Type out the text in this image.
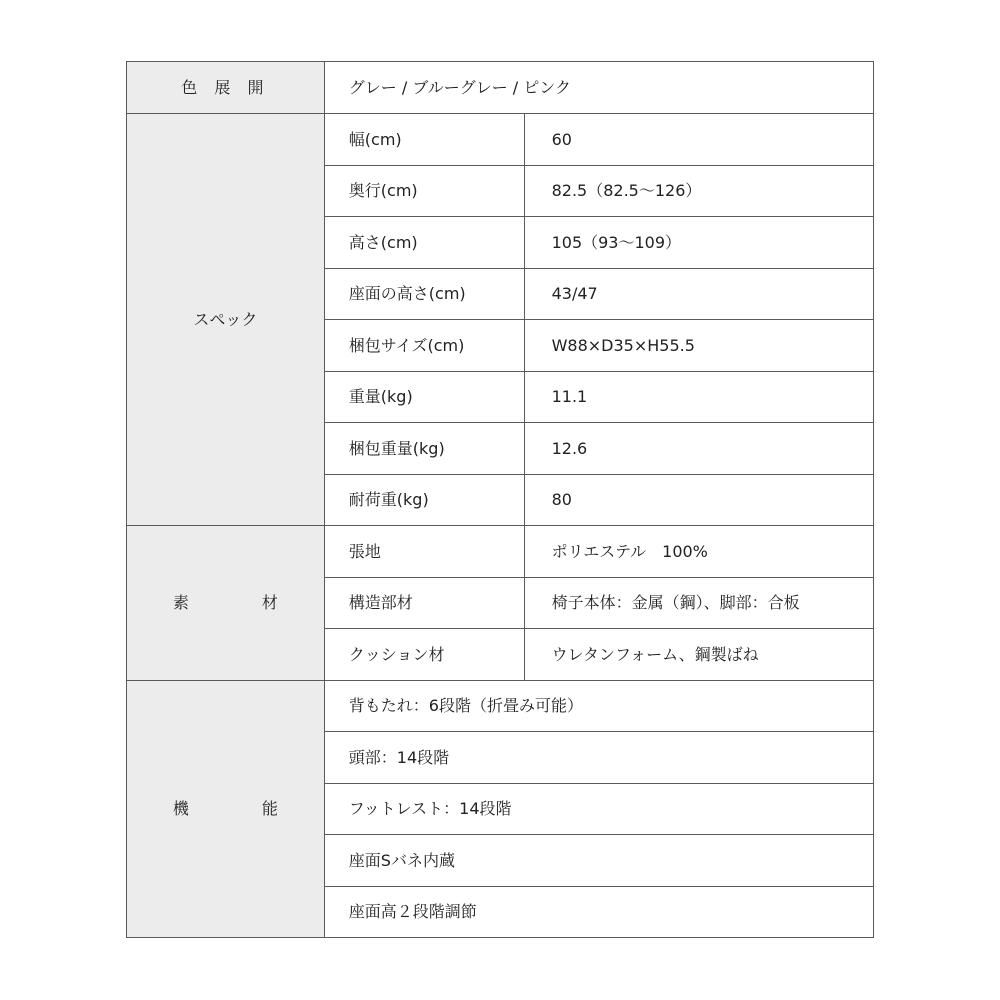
色 展 開	グレー / ブルーグレー / ピンク	
スペック	幅(cm)	60
	奥行(cm)	82.5（82.5～126）
	高さ(cm)	105（93～109）
	座面の高さ(cm)	43/47
	梱包サイズ(cm)	W88×D35×H55.5
	重量(kg)	11.1
	梱包重量(kg)	12.6
	耐荷重(kg)	80
素 材	張地	ポリエステル　100%
	構造部材	椅子本体：金属（鋼）、脚部：合板
	クッション材	ウレタンフォーム、鋼製ばね
機 能	背もたれ：6段階（折畳み可能）	
	頭部：14段階	
	フットレスト：14段階	
	座面Sバネ内蔵	
	座面高２段階調節	
